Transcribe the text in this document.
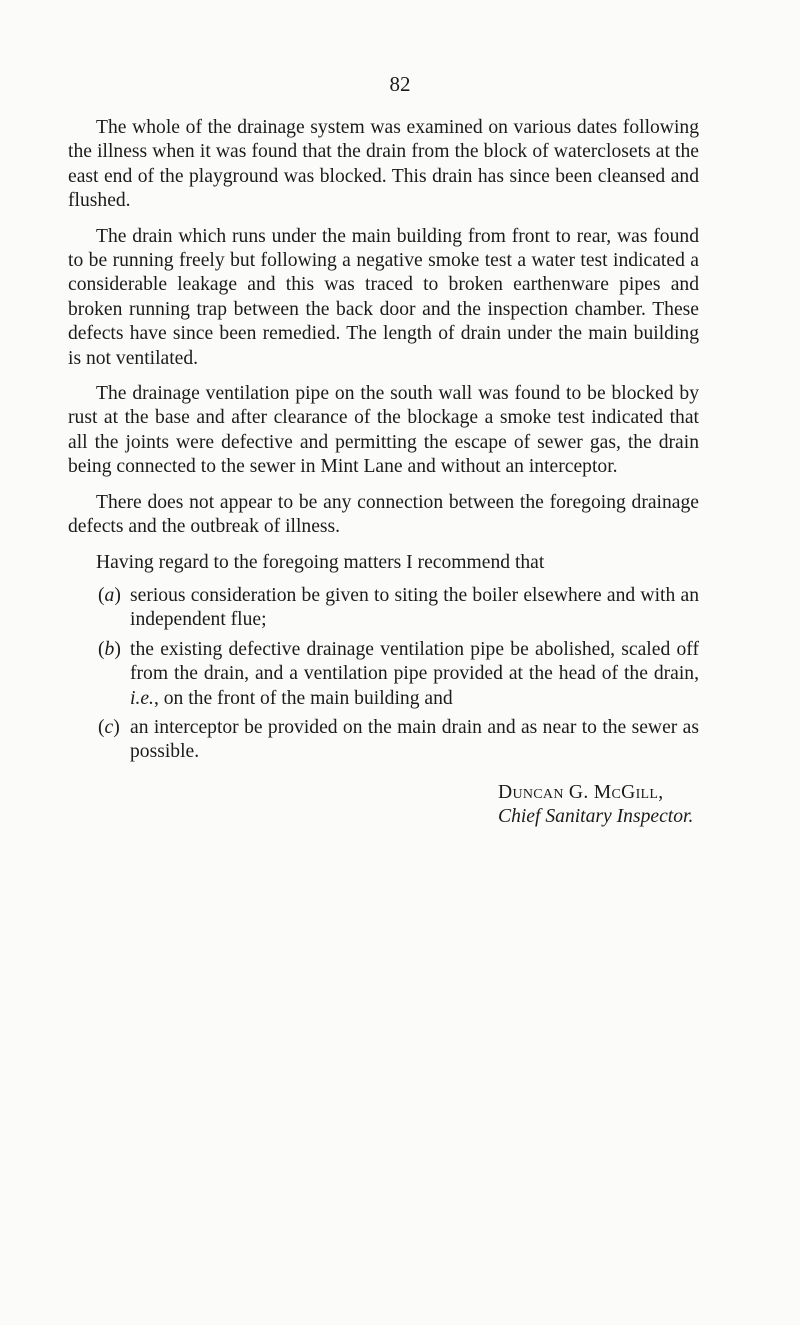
82

The whole of the drainage system was examined on various dates following the illness when it was found that the drain from the block of waterclosets at the east end of the playground was blocked. This drain has since been cleansed and flushed.

The drain which runs under the main building from front to rear, was found to be running freely but following a negative smoke test a water test indicated a considerable leakage and this was traced to broken earthenware pipes and broken running trap between the back door and the inspection chamber. These defects have since been remedied. The length of drain under the main building is not ventilated.

The drainage ventilation pipe on the south wall was found to be blocked by rust at the base and after clearance of the blockage a smoke test indicated that all the joints were defective and permitting the escape of sewer gas, the drain being connected to the sewer in Mint Lane and without an interceptor.

There does not appear to be any connection between the foregoing drainage defects and the outbreak of illness.

Having regard to the foregoing matters I recommend that

(a) serious consideration be given to siting the boiler elsewhere and with an independent flue;
(b) the existing defective drainage ventilation pipe be abolished, scaled off from the drain, and a ventilation pipe provided at the head of the drain, i.e., on the front of the main building and
(c) an interceptor be provided on the main drain and as near to the sewer as possible.
Duncan G. McGill,
Chief Sanitary Inspector.
